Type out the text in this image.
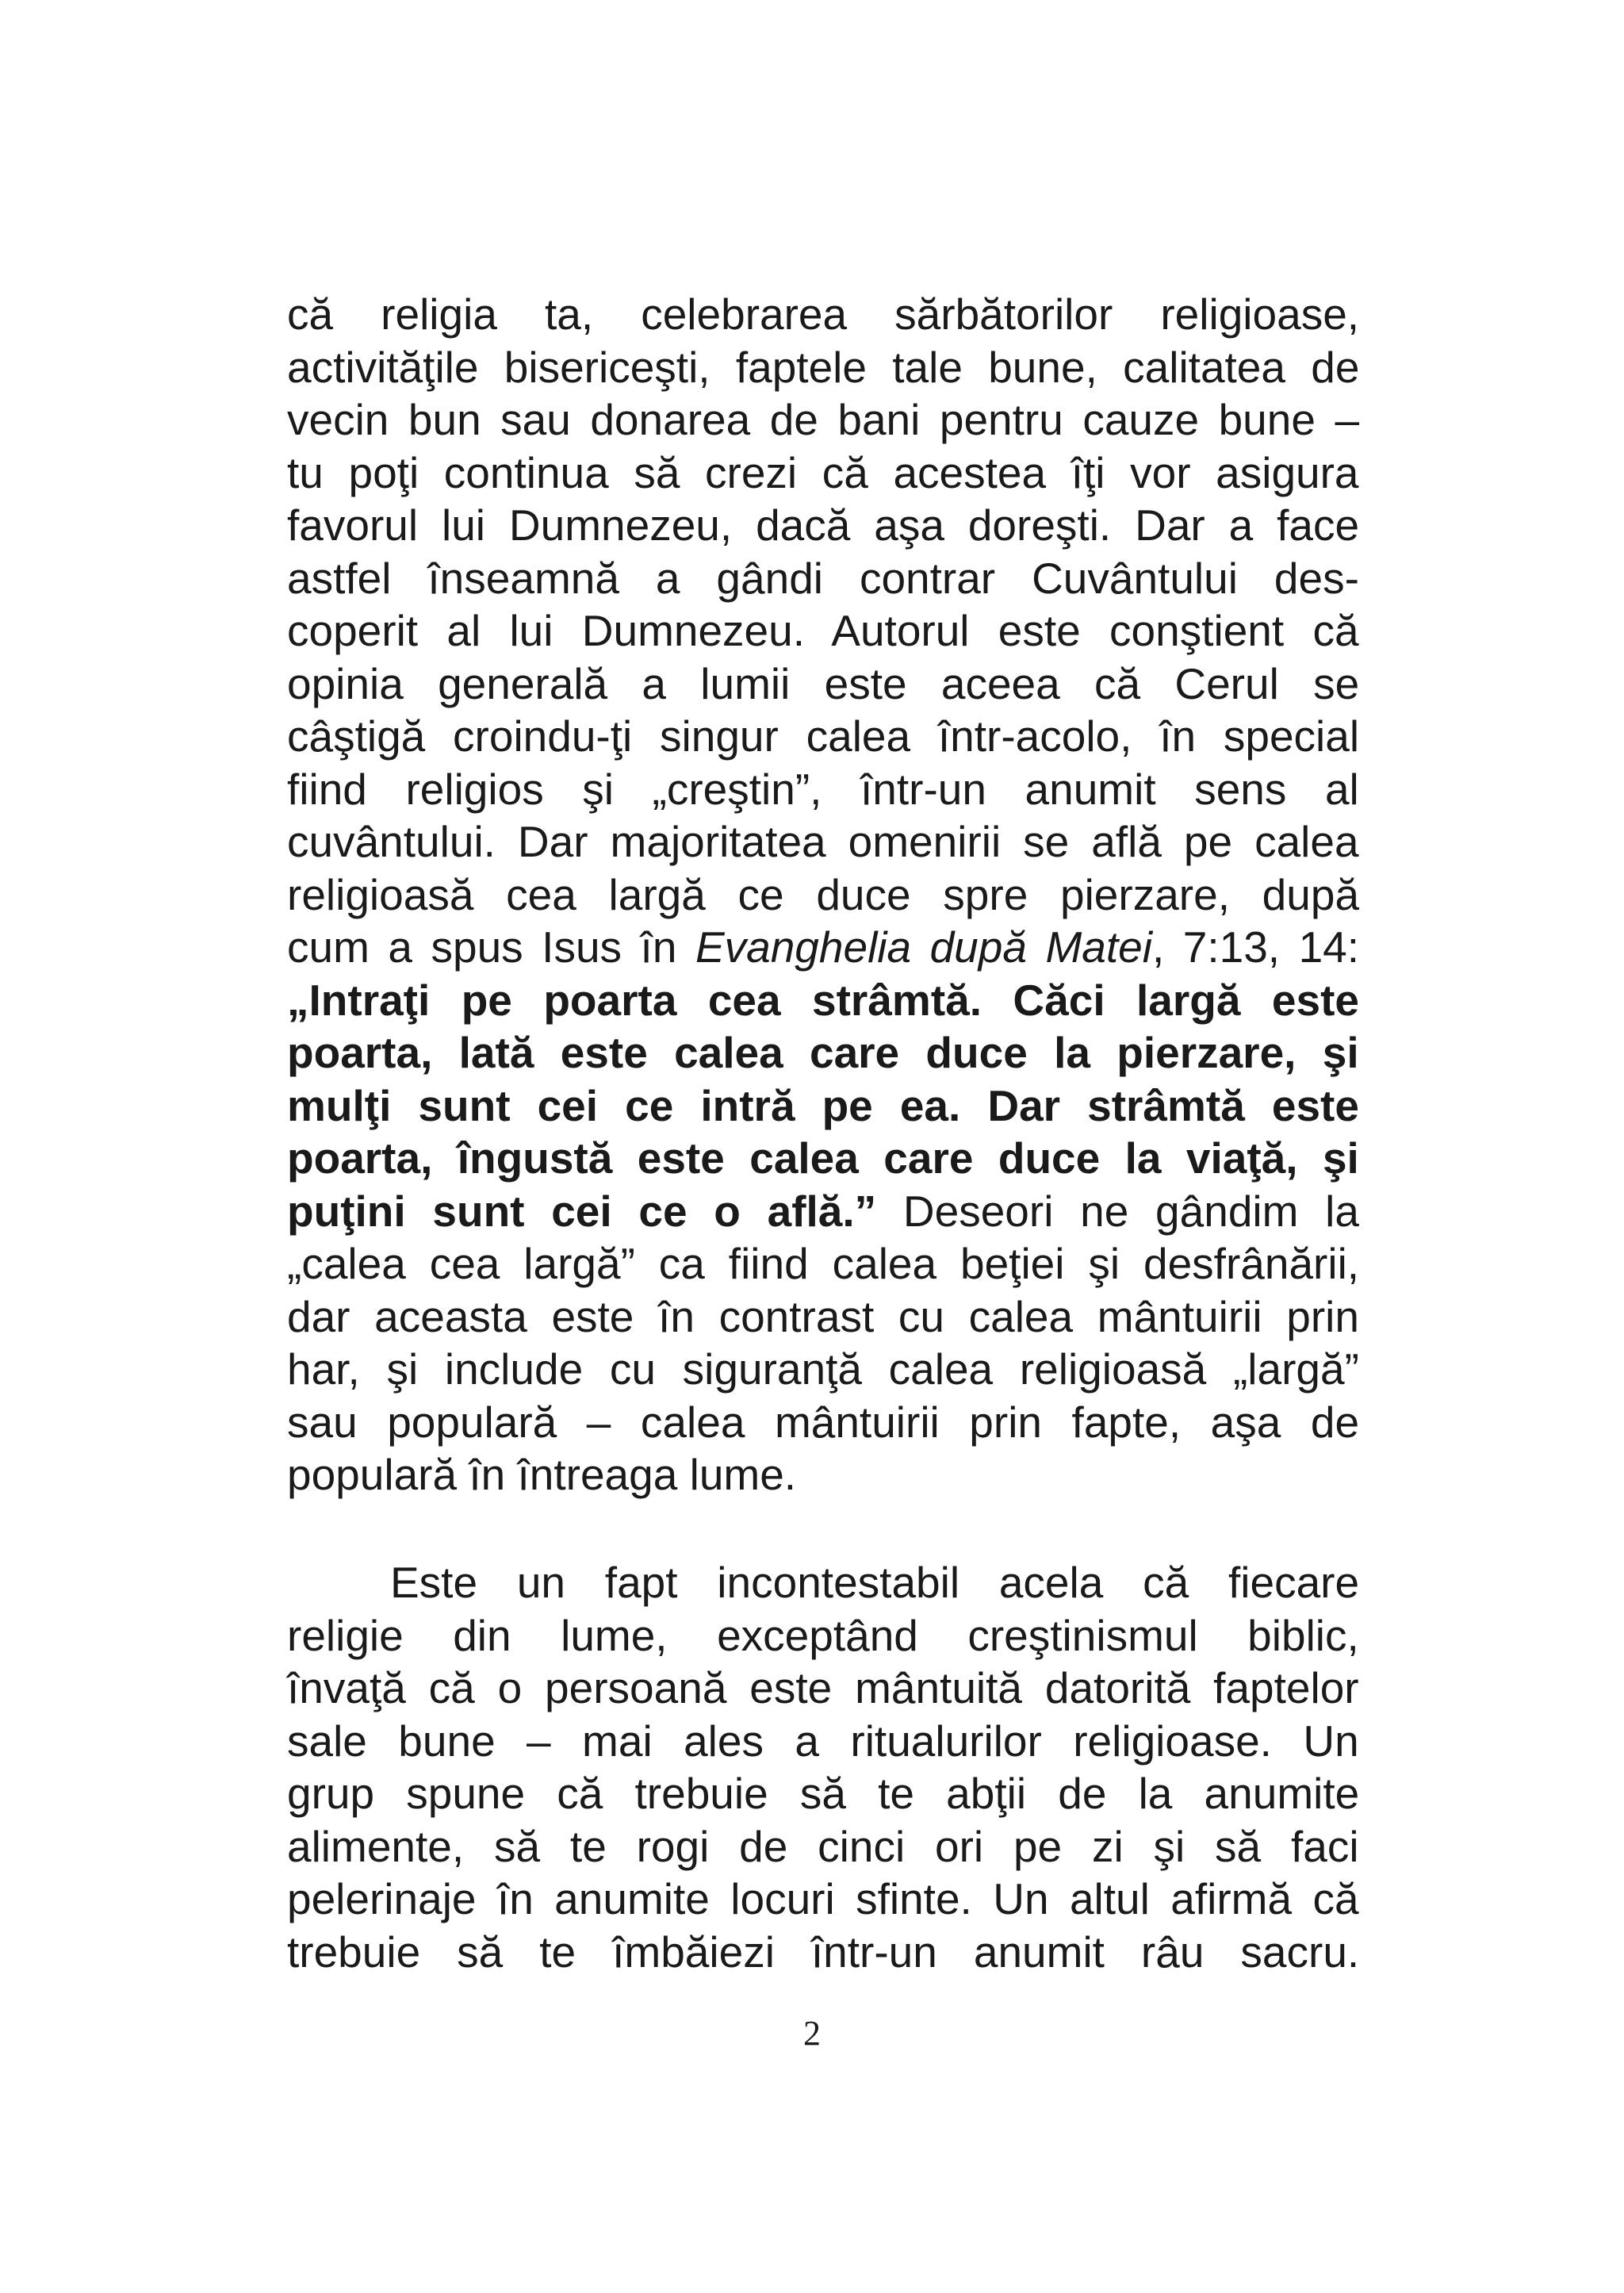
că religia ta, celebrarea sărbătorilor religioase,
activităţile bisericeşti, faptele tale bune, calitatea de
vecin bun sau donarea de bani pentru cauze bune –
tu poţi continua să crezi că acestea îţi vor asigura
favorul lui Dumnezeu, dacă aşa doreşti. Dar a face
astfel înseamnă a gândi contrar Cuvântului des-
coperit al lui Dumnezeu. Autorul este conştient că
opinia generală a lumii este aceea că Cerul se
câştigă croindu-ţi singur calea într-acolo, în special
fiind religios şi „creştin”, într-un anumit sens al
cuvântului. Dar majoritatea omenirii se află pe calea
religioasă cea largă ce duce spre pierzare, după
cum a spus Isus în Evanghelia după Matei, 7:13, 14:
„Intraţi pe poarta cea strâmtă. Căci largă este
poarta, lată este calea care duce la pierzare, şi
mulţi sunt cei ce intră pe ea. Dar strâmtă este
poarta, îngustă este calea care duce la viaţă, şi
puţini sunt cei ce o află.” Deseori ne gândim la
„calea cea largă” ca fiind calea beţiei şi desfrânării,
dar aceasta este în contrast cu calea mântuirii prin
har, şi include cu siguranţă calea religioasă „largă”
sau populară – calea mântuirii prin fapte, aşa de
populară în întreaga lume.
Este un fapt incontestabil acela că fiecare
religie din lume, exceptând creştinismul biblic,
învaţă că o persoană este mântuită datorită faptelor
sale bune – mai ales a ritualurilor religioase. Un
grup spune că trebuie să te abţii de la anumite
alimente, să te rogi de cinci ori pe zi şi să faci
pelerinaje în anumite locuri sfinte. Un altul afirmă că
trebuie să te îmbăiezi într-un anumit râu sacru.
2
